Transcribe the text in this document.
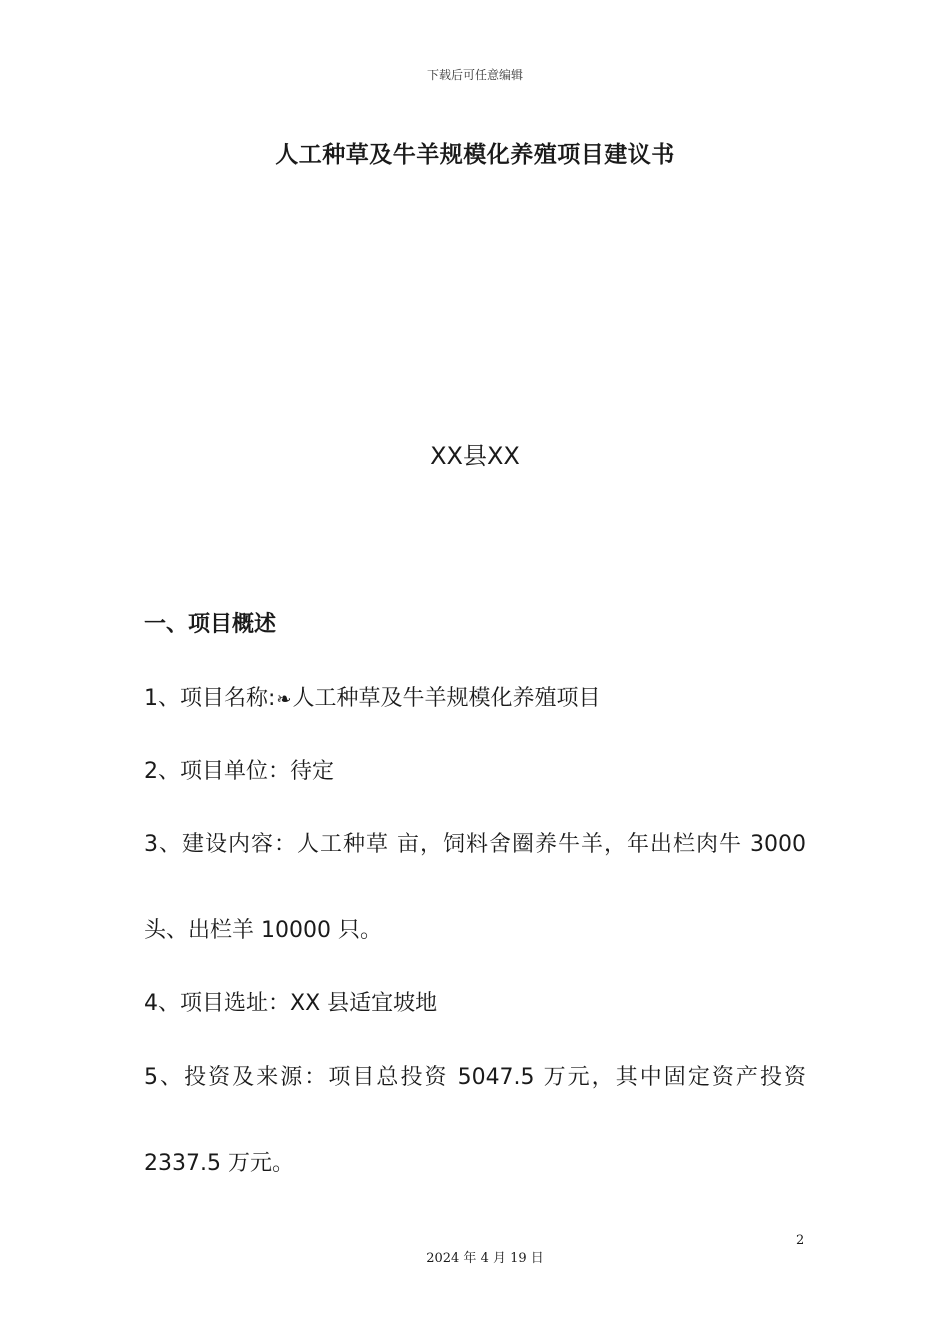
下载后可任意编辑
人工种草及牛羊规模化养殖项目建议书
XX县XX
一、项目概述
1、项目名称:❧人工种草及牛羊规模化养殖项目
2、项目单位：待定
3、建设内容：人工种草 亩，饲料舍圈养牛羊，年出栏肉牛 3000
头、出栏羊 10000 只。
4、项目选址：XX 县适宜坡地
5、投资及来源：项目总投资 5047.5 万元，其中固定资产投资
2337.5 万元。
2
2024 年 4 月 19 日
